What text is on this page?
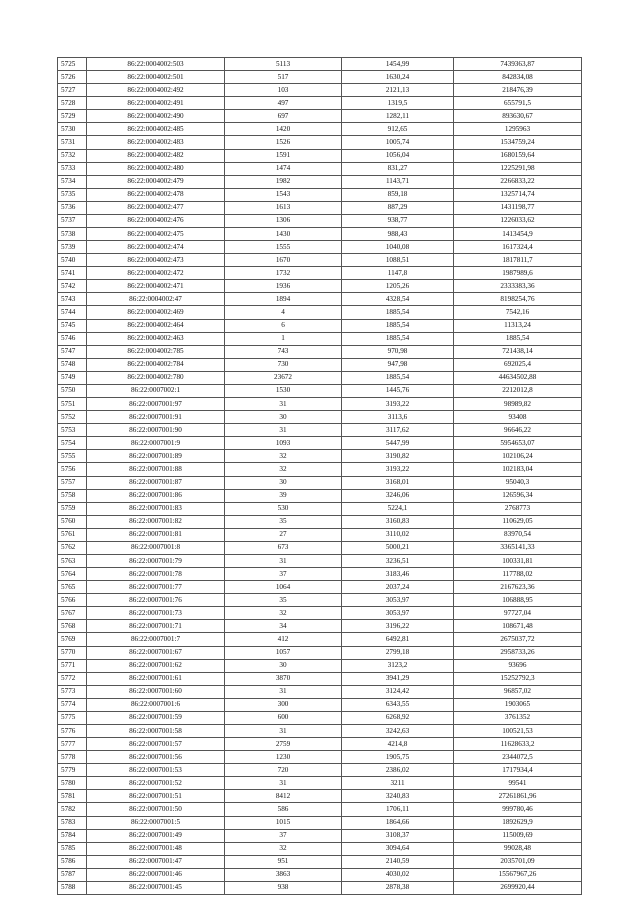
5725	86:22:0004002:503	5113	1454,99	7439363,87
5726	86:22:0004002:501	517	1630,24	842834,08
5727	86:22:0004002:492	103	2121,13	218476,39
5728	86:22:0004002:491	497	1319,5	655791,5
5729	86:22:0004002:490	697	1282,11	893630,67
5730	86:22:0004002:485	1420	912,65	1295963
5731	86:22:0004002:483	1526	1005,74	1534759,24
5732	86:22:0004002:482	1591	1056,04	1680159,64
5733	86:22:0004002:480	1474	831,27	1225291,98
5734	86:22:0004002:479	1982	1143,71	2266833,22
5735	86:22:0004002:478	1543	859,18	1325714,74
5736	86:22:0004002:477	1613	887,29	1431198,77
5737	86:22:0004002:476	1306	938,77	1226033,62
5738	86:22:0004002:475	1430	988,43	1413454,9
5739	86:22:0004002:474	1555	1040,08	1617324,4
5740	86:22:0004002:473	1670	1088,51	1817811,7
5741	86:22:0004002:472	1732	1147,8	1987989,6
5742	86:22:0004002:471	1936	1205,26	2333383,36
5743	86:22:0004002:47	1894	4328,54	8198254,76
5744	86:22:0004002:469	4	1885,54	7542,16
5745	86:22:0004002:464	6	1885,54	11313,24
5746	86:22:0004002:463	1	1885,54	1885,54
5747	86:22:0004002:785	743	970,98	721438,14
5748	86:22:0004002:784	730	947,98	692025,4
5749	86:22:0004002:780	23672	1885,54	44634502,88
5750	86:22:0007002:1	1530	1445,76	2212012,8
5751	86:22:0007001:97	31	3193,22	98989,82
5752	86:22:0007001:91	30	3113,6	93408
5753	86:22:0007001:90	31	3117,62	96646,22
5754	86:22:0007001:9	1093	5447,99	5954653,07
5755	86:22:0007001:89	32	3190,82	102106,24
5756	86:22:0007001:88	32	3193,22	102183,04
5757	86:22:0007001:87	30	3168,01	95040,3
5758	86:22:0007001:86	39	3246,06	126596,34
5759	86:22:0007001:83	530	5224,1	2768773
5760	86:22:0007001:82	35	3160,83	110629,05
5761	86:22:0007001:81	27	3110,02	83970,54
5762	86:22:0007001:8	673	5000,21	3365141,33
5763	86:22:0007001:79	31	3236,51	100331,81
5764	86:22:0007001:78	37	3183,46	117788,02
5765	86:22:0007001:77	1064	2037,24	2167623,36
5766	86:22:0007001:76	35	3053,97	106888,95
5767	86:22:0007001:73	32	3053,97	97727,04
5768	86:22:0007001:71	34	3196,22	108671,48
5769	86:22:0007001:7	412	6492,81	2675037,72
5770	86:22:0007001:67	1057	2799,18	2958733,26
5771	86:22:0007001:62	30	3123,2	93696
5772	86:22:0007001:61	3870	3941,29	15252792,3
5773	86:22:0007001:60	31	3124,42	96857,02
5774	86:22:0007001:6	300	6343,55	1903065
5775	86:22:0007001:59	600	6268,92	3761352
5776	86:22:0007001:58	31	3242,63	100521,53
5777	86:22:0007001:57	2759	4214,8	11628633,2
5778	86:22:0007001:56	1230	1905,75	2344072,5
5779	86:22:0007001:53	720	2386,02	1717934,4
5780	86:22:0007001:52	31	3211	99541
5781	86:22:0007001:51	8412	3240,83	27261861,96
5782	86:22:0007001:50	586	1706,11	999780,46
5783	86:22:0007001:5	1015	1864,66	1892629,9
5784	86:22:0007001:49	37	3108,37	115009,69
5785	86:22:0007001:48	32	3094,64	99028,48
5786	86:22:0007001:47	951	2140,59	2035701,09
5787	86:22:0007001:46	3863	4030,02	15567967,26
5788	86:22:0007001:45	938	2878,38	2699920,44
